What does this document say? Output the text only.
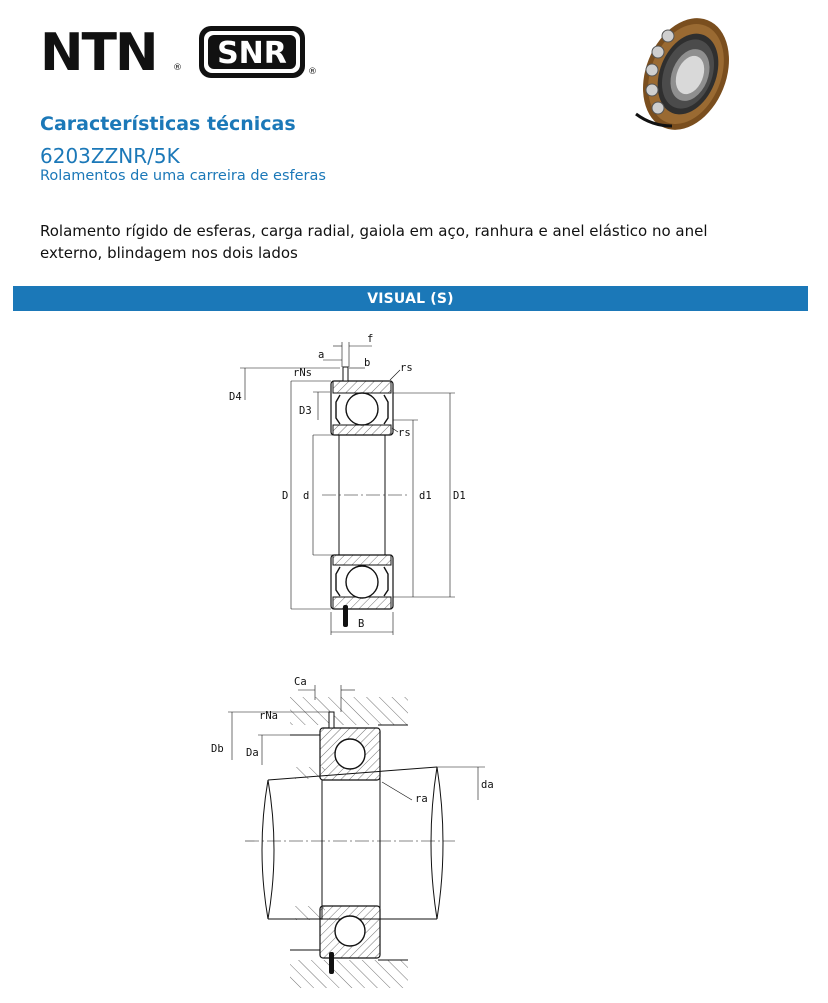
NTN ® SNR
®
Características técnicas
6203ZZNR/5K
Rolamentos de uma carreira de esferas
Rolamento rígido de esferas, carga radial, gaiola em aço, ranhura e anel elástico no anel externo, blindagem nos dois lados
VISUAL (S)
f
a
b
rNs	rs
rs
D4
D3
D d	d1 D1
B
Ca
rNa
Db Da
da
ra
